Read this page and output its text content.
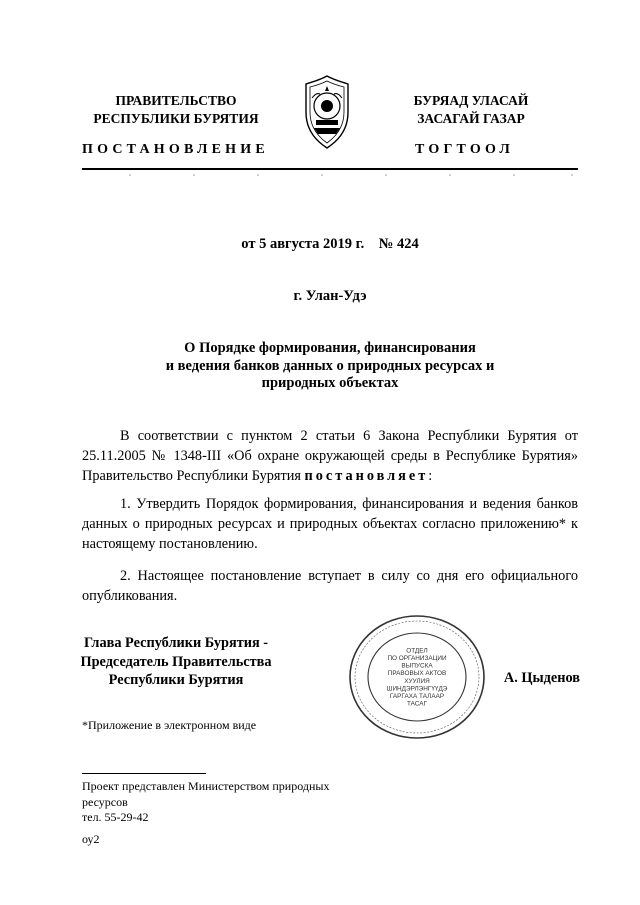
ПРАВИТЕЛЬСТВО
РЕСПУБЛИКИ БУРЯТИЯ
БУРЯАД УЛАСАЙ
ЗАСАГАЙ ГАЗАР
ПОСТАНОВЛЕНИЕ	ТОГТООЛ
от 5 августа 2019 г.    № 424
г. Улан-Удэ
О Порядке формирования, финансирования
и ведения банков данных о природных ресурсах и
природных объектах
В соответствии с пунктом 2 статьи 6 Закона Республики Бурятия от 25.11.2005 № 1348-III «Об охране окружающей среды в Республике Бурятия» Правительство Республики Бурятия постановляет:
1. Утвердить Порядок формирования, финансирования и ведения банков данных о природных ресурсах и природных объектах согласно приложению* к настоящему постановлению.
2. Настоящее постановление вступает в силу со дня его официального опубликования.
Глава Республики Бурятия -
Председатель Правительства
Республики Бурятия
ОТДЕЛ
ПО ОРГАНИЗАЦИИ
ВЫПУСКА
ПРАВОВЫХ АКТОВ
ХУУЛИЯ
ШИНДЭРЛЭНГҮҮДЭ
ГАРГАХА ТАЛААР
ТАСАГ
А. Цыденов
*Приложение в электронном виде
Проект представлен Министерством природных
ресурсов
тел. 55-29-42
оу2
